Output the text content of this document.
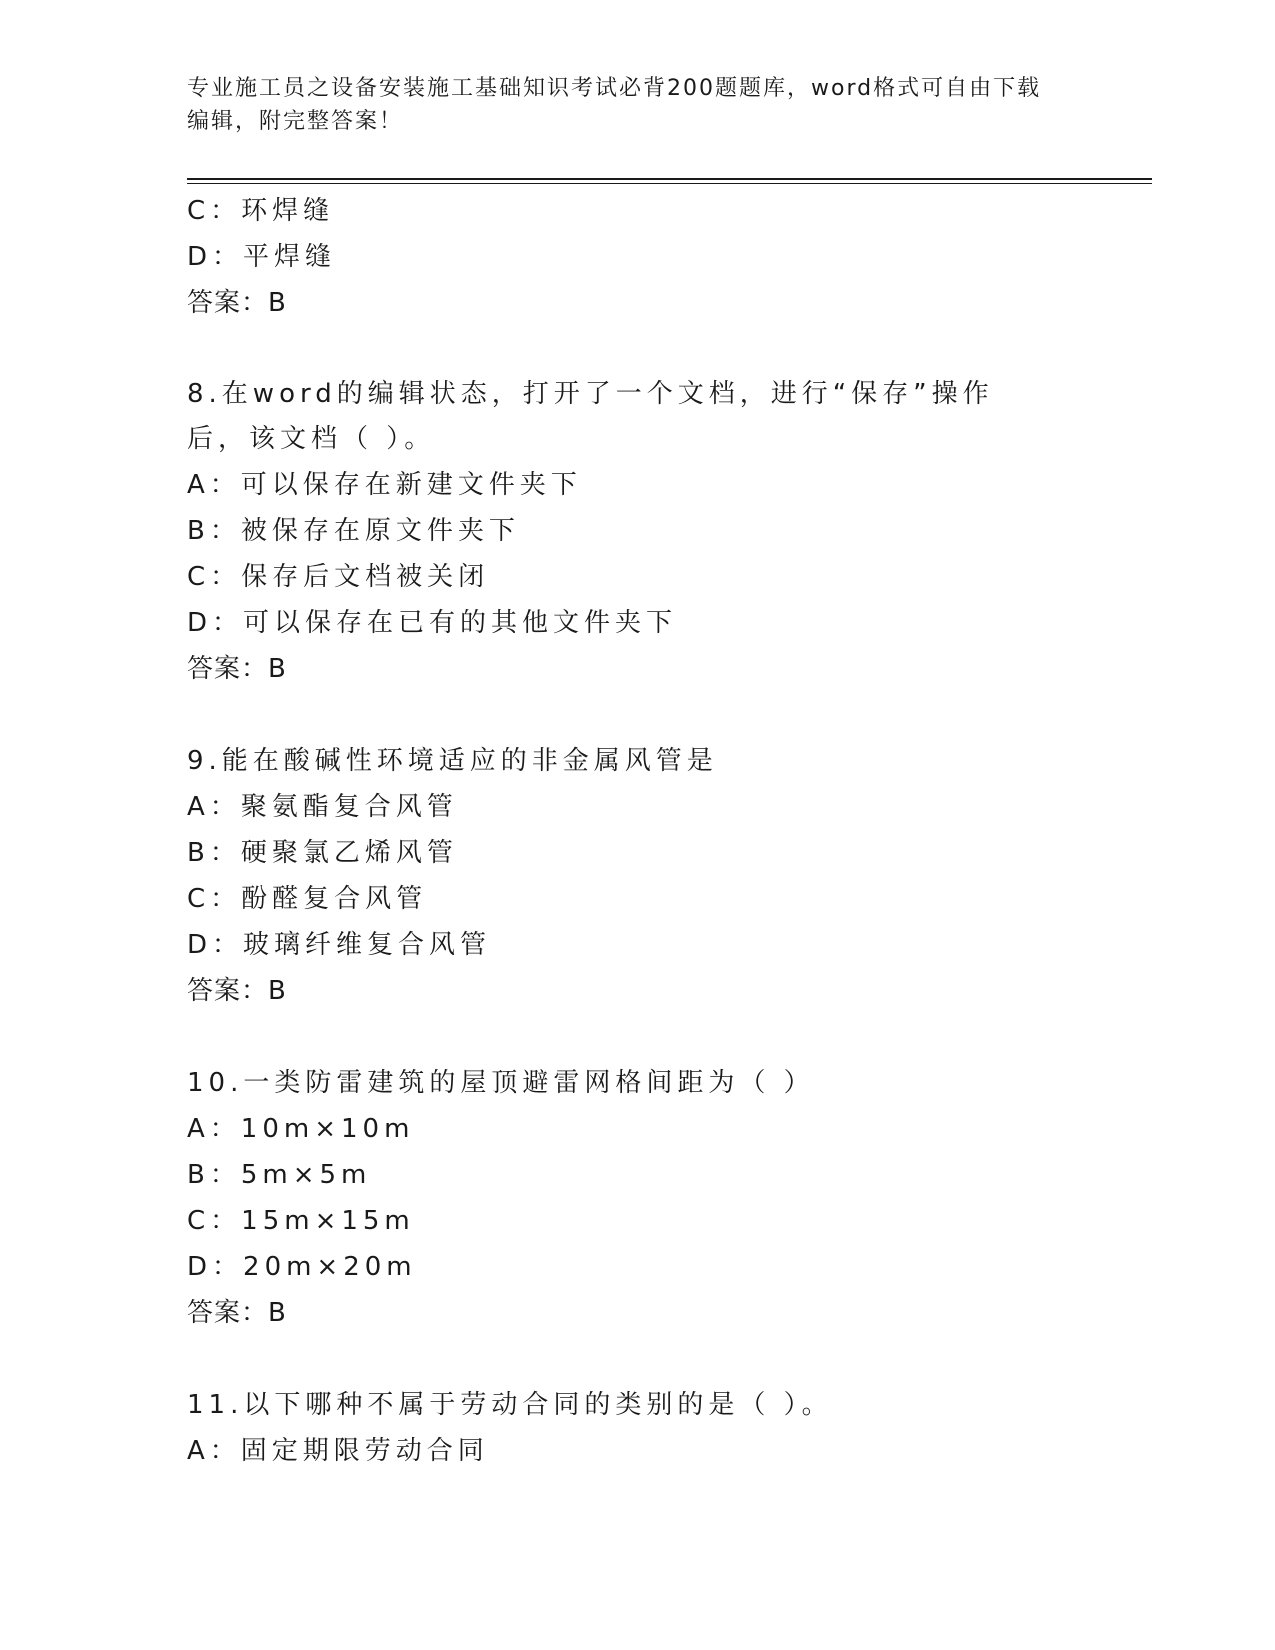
专业施工员之设备安装施工基础知识考试必背200题题库，word格式可自由下载
编辑，附完整答案！
C：环焊缝
D：平焊缝
答案：B
8.在word的编辑状态，打开了一个文档，进行“保存”操作后，该文档（ ）。
A：可以保存在新建文件夹下
B：被保存在原文件夹下
C：保存后文档被关闭
D：可以保存在已有的其他文件夹下
答案：B
9.能在酸碱性环境适应的非金属风管是
A：聚氨酯复合风管
B：硬聚氯乙烯风管
C：酚醛复合风管
D：玻璃纤维复合风管
答案：B
10.一类防雷建筑的屋顶避雷网格间距为（ ）
A：10m×10m
B：5m×5m
C：15m×15m
D：20m×20m
答案：B
11.以下哪种不属于劳动合同的类别的是（ ）。
A：固定期限劳动合同
